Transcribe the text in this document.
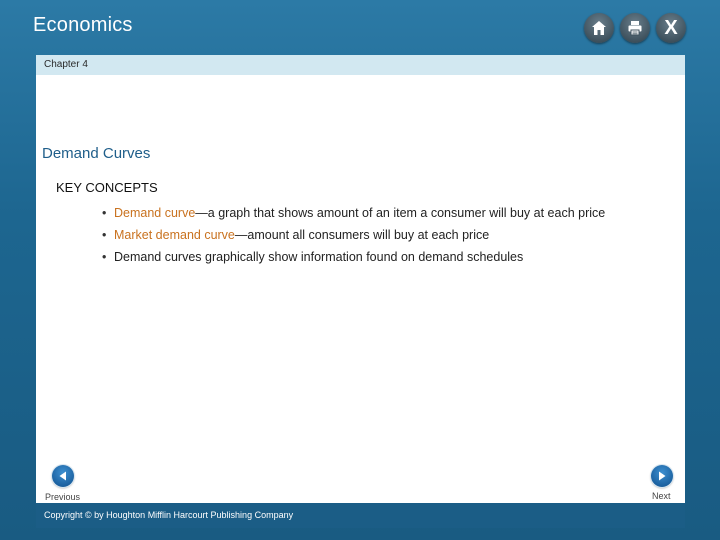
Economics	X
Chapter 4
Demand Curves
KEY CONCEPTS
• Demand curve—a graph that shows amount of an item a consumer will buy at each price
• Market demand curve—amount all consumers will buy at each price
• Demand curves graphically show information found on demand schedules
Previous	Next
Copyright © by Houghton Mifflin Harcourt Publishing Company
